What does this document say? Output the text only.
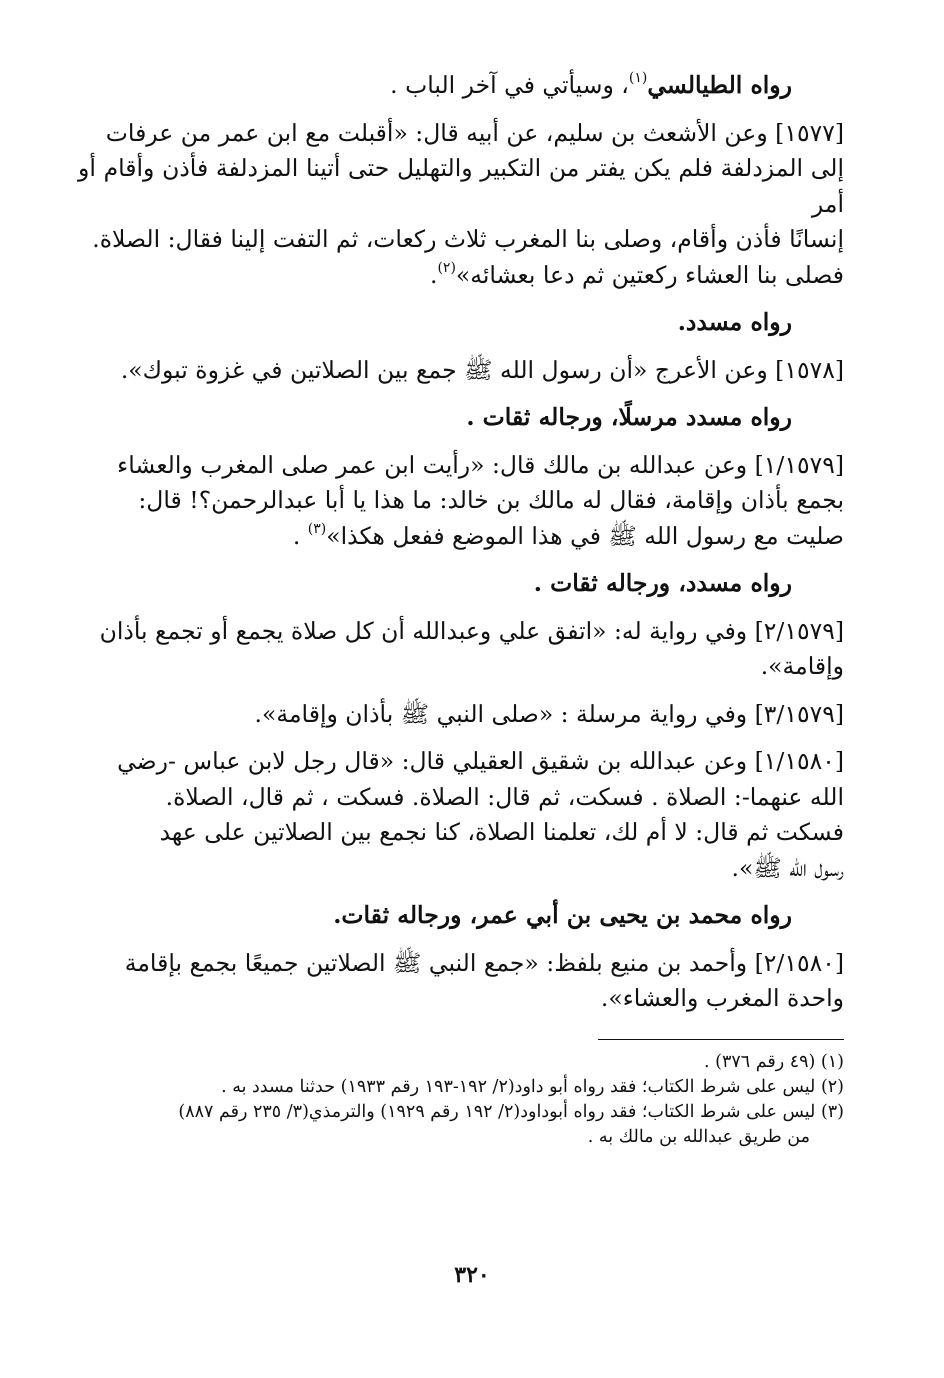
رواه الطيالسي$^{(١)}$، وسيأتي في آخر الباب .
[١٥٧٧] وعن الأشعث بن سليم، عن أبيه قال: «أقبلت مع ابن عمر من عرفات
إلى المزدلفة فلم يكن يفتر من التكبير والتهليل حتى أتينا المزدلفة فأذن وأقام أو أمر
إنسانًا فأذن وأقام، وصلى بنا المغرب ثلاث ركعات، ثم التفت إلينا فقال: الصلاة.
فصلى بنا العشاء ركعتين ثم دعا بعشائه»$^{(٢)}$.
رواه مسدد.
[١٥٧٨] وعن الأعرج «أن رسول الله ﷺ جمع بين الصلاتين في غزوة تبوك».
رواه مسدد مرسلًا، ورجاله ثقات .
[١/١٥٧٩] وعن عبدالله بن مالك قال: «رأيت ابن عمر صلى المغرب والعشاء
بجمع بأذان وإقامة، فقال له مالك بن خالد: ما هذا يا أبا عبدالرحمن؟! قال:
صليت مع رسول الله ﷺ في هذا الموضع ففعل هكذا»$^{(٣)}$ .
رواه مسدد، ورجاله ثقات .
[٢/١٥٧٩] وفي رواية له: «اتفق علي وعبدالله أن كل صلاة يجمع أو تجمع بأذان
وإقامة».
[٣/١٥٧٩] وفي رواية مرسلة : «صلى النبي ﷺ بأذان وإقامة».
[١/١٥٨٠] وعن عبدالله بن شقيق العقيلي قال: «قال رجل لابن عباس -رضي
الله عنهما-: الصلاة . فسكت، ثم قال: الصلاة. فسكت ، ثم قال، الصلاة.
فسكت ثم قال: لا أم لك، تعلمنا الصلاة، كنا نجمع بين الصلاتين على عهد
رسول الله ﷺ».
رواه محمد بن يحيى بن أبي عمر، ورجاله ثقات.
[٢/١٥٨٠] وأحمد بن منيع بلفظ: «جمع النبي ﷺ الصلاتين جميعًا بجمع بإقامة
واحدة المغرب والعشاء».

(١) (٤٩ رقم ٣٧٦) .

(٢) ليس على شرط الكتاب؛ فقد رواه أبو داود(٢/ ١٩٢-١٩٣ رقم ١٩٣٣) حدثنا مسدد به .

(٣) ليس على شرط الكتاب؛ فقد رواه أبوداود(٢/ ١٩٢ رقم ١٩٢٩) والترمذي(٣/ ٢٣٥ رقم ٨٨٧)

من طريق عبدالله بن مالك به .

٣٢٠
